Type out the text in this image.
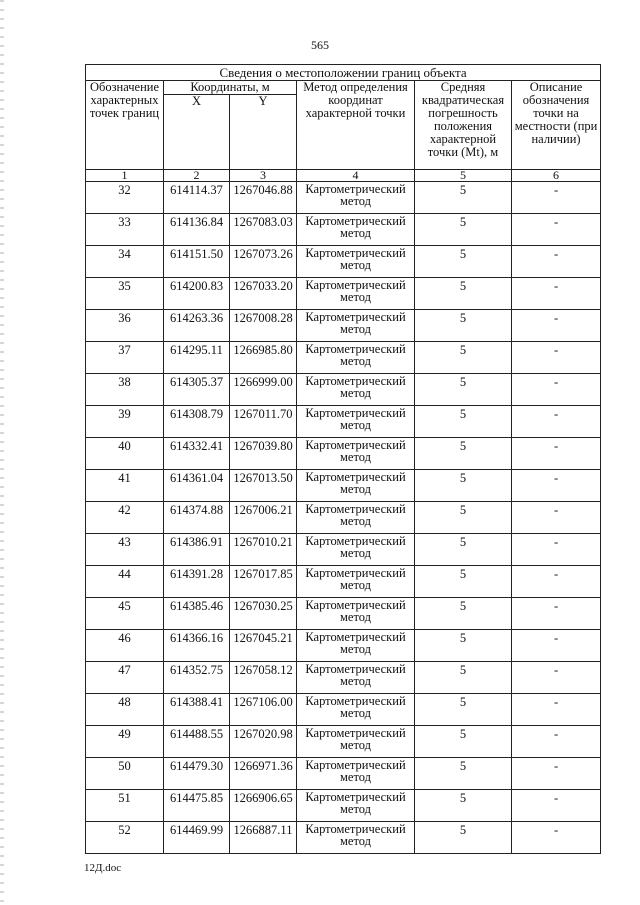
565
Сведения о местоположении границ объекта					
Обозначение характерных точек границ	Координаты, м		Метод определения координат характерной точки	Средняя квадратическая погрешность положения характерной точки (Mt), м	Описание обозначения точки на местности (при наличии)
	X	Y			
1	2	3	4	5	6
32	614114.37	1267046.88	Картометрический метод	5	-
33	614136.84	1267083.03	Картометрический метод	5	-
34	614151.50	1267073.26	Картометрический метод	5	-
35	614200.83	1267033.20	Картометрический метод	5	-
36	614263.36	1267008.28	Картометрический метод	5	-
37	614295.11	1266985.80	Картометрический метод	5	-
38	614305.37	1266999.00	Картометрический метод	5	-
39	614308.79	1267011.70	Картометрический метод	5	-
40	614332.41	1267039.80	Картометрический метод	5	-
41	614361.04	1267013.50	Картометрический метод	5	-
42	614374.88	1267006.21	Картометрический метод	5	-
43	614386.91	1267010.21	Картометрический метод	5	-
44	614391.28	1267017.85	Картометрический метод	5	-
45	614385.46	1267030.25	Картометрический метод	5	-
46	614366.16	1267045.21	Картометрический метод	5	-
47	614352.75	1267058.12	Картометрический метод	5	-
48	614388.41	1267106.00	Картометрический метод	5	-
49	614488.55	1267020.98	Картометрический метод	5	-
50	614479.30	1266971.36	Картометрический метод	5	-
51	614475.85	1266906.65	Картометрический метод	5	-
52	614469.99	1266887.11	Картометрический метод	5	-
12Д.doc
